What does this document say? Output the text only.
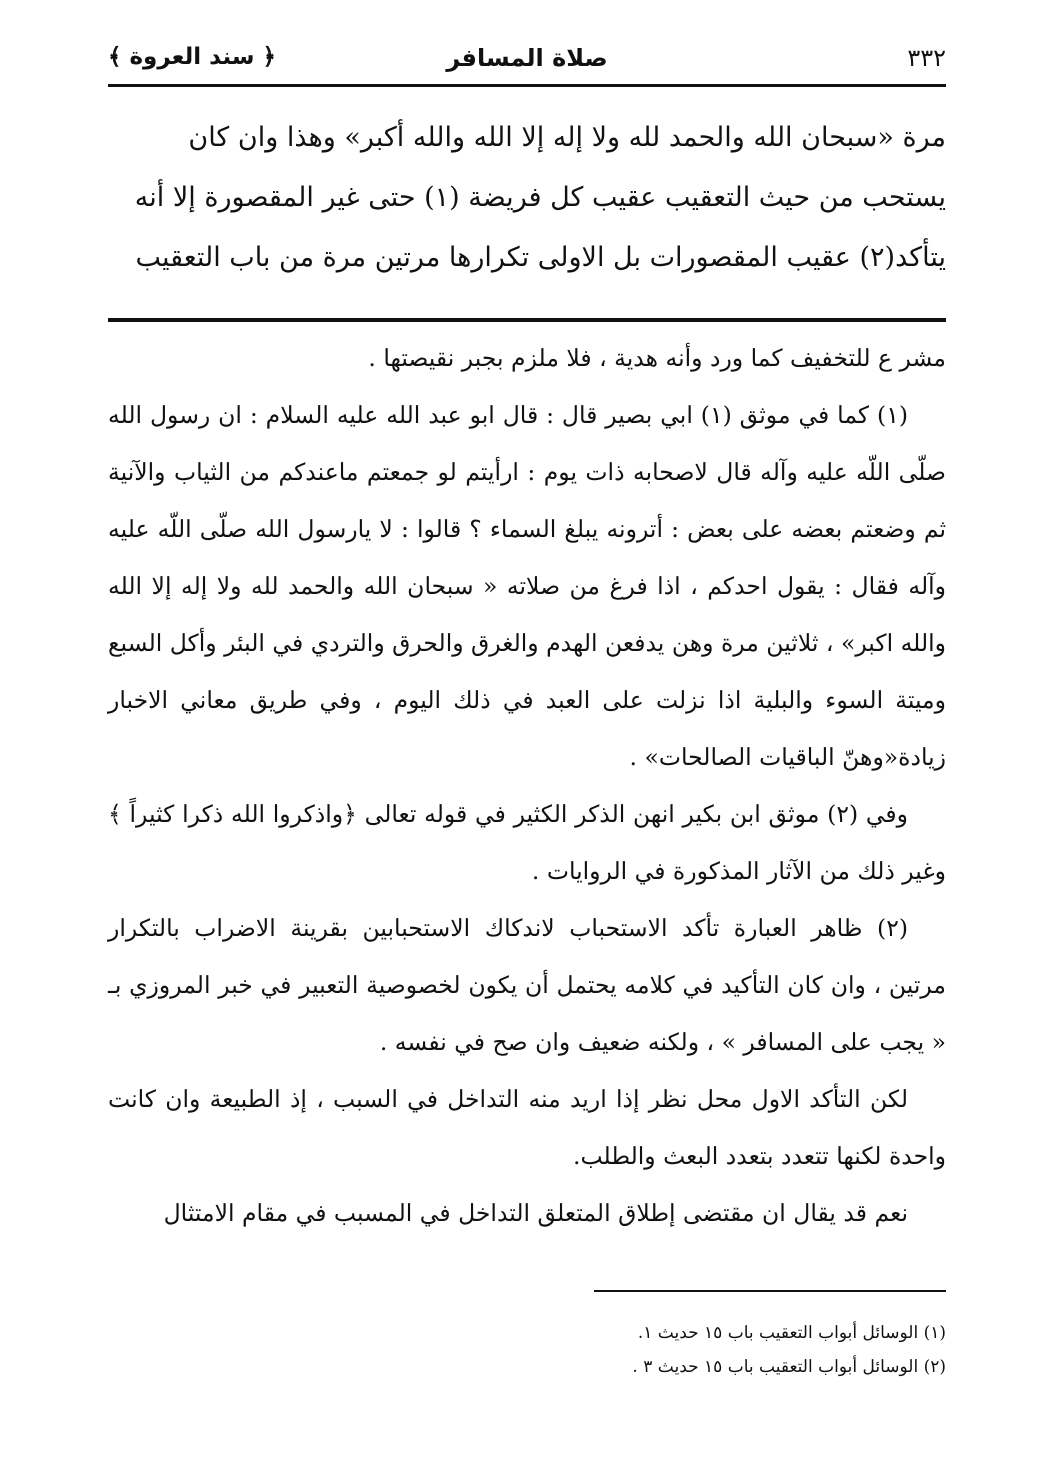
٣٣٢
صلاة المسافر
﴿ سند العروة ﴾

مرة «سبحان الله والحمد لله ولا إله إلا الله والله أكبر» وهذا وان كان

يستحب من حيث التعقيب عقيب كل فريضة (١) حتى غير المقصورة إلا أنه

يتأكد(٢) عقيب المقصورات بل الاولى تكرارها مرتين مرة من باب التعقيب

مشر ع للتخفيف كما ورد وأنه هدية ، فلا ملزم بجبر نقيصتها .

(١) كما في موثق (١) ابي بصير قال : قال ابو عبد الله عليه السلام : ان رسول الله صلّى اللّه عليه وآله قال لاصحابه ذات يوم : ارأيتم لو جمعتم ماعندكم من الثياب والآنية ثم وضعتم بعضه على بعض : أترونه يبلغ السماء ؟ قالوا : لا يارسول الله صلّى اللّه عليه وآله فقال : يقول احدكم ، اذا فرغ من صلاته « سبحان الله والحمد لله ولا إله إلا الله والله اكبر» ، ثلاثين مرة وهن يدفعن الهدم والغرق والحرق والتردي في البئر وأكل السبع وميتة السوء والبلية اذا نزلت على العبد في ذلك اليوم ، وفي طريق معاني الاخبار زيادة«وهنّ الباقيات الصالحات» .

وفي (٢) موثق ابن بكير انهن الذكر الكثير في قوله تعالى ﴿واذكروا الله ذكرا كثيراً ﴾ وغير ذلك من الآثار المذكورة في الروايات .

(٢) ظاهر العبارة تأكد الاستحباب لاندكاك الاستحبابين بقرينة الاضراب بالتكرار مرتين ، وان كان التأكيد في كلامه يحتمل أن يكون لخصوصية التعبير في خبر المروزي بـ « يجب على المسافر » ، ولكنه ضعيف وان صح في نفسه .

لكن التأكد الاول محل نظر إذا اريد منه التداخل في السبب ، إذ الطبيعة وان كانت واحدة لكنها تتعدد بتعدد البعث والطلب.

نعم قد يقال ان مقتضى إطلاق المتعلق التداخل في المسبب في مقام الامتثال

(١) الوسائل أبواب التعقيب باب ١٥ حديث ١.

(٢) الوسائل أبواب التعقيب باب ١٥ حديث ٣ .
